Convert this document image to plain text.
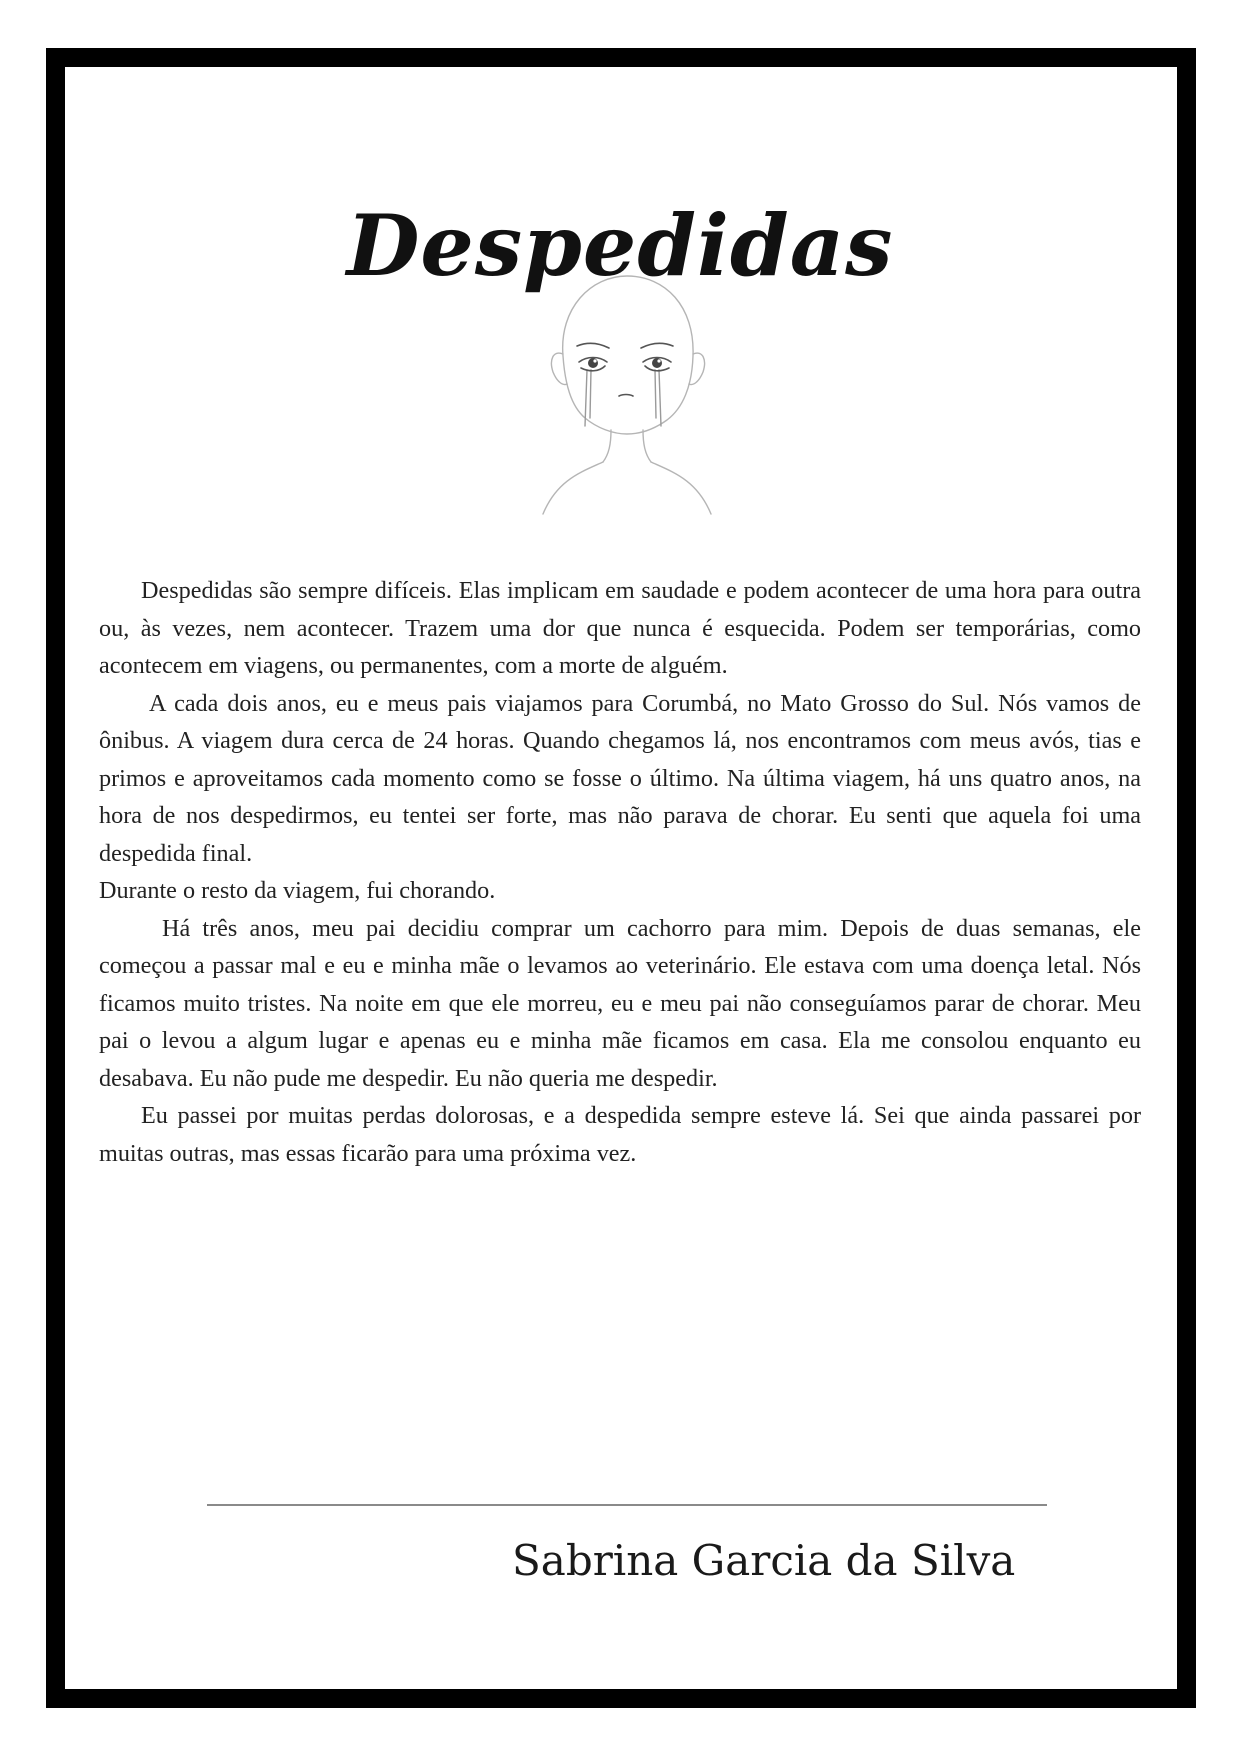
Despedidas

Despedidas são sempre difíceis. Elas implicam em saudade e podem acontecer de uma hora para outra ou, às vezes, nem acontecer. Trazem uma dor que nunca é esquecida. Podem ser temporárias, como acontecem em viagens, ou permanentes, com a morte de alguém.

A cada dois anos, eu e meus pais viajamos para Corumbá, no Mato Grosso do Sul. Nós vamos de ônibus. A viagem dura cerca de 24 horas. Quando chegamos lá, nos encontramos com meus avós, tias e primos e aproveitamos cada momento como se fosse o último. Na última viagem, há uns quatro anos, na hora de nos despedirmos, eu tentei ser forte, mas não parava de chorar. Eu senti que aquela foi uma despedida final.

Durante o resto da viagem, fui chorando.

Há três anos, meu pai decidiu comprar um cachorro para mim. Depois de duas semanas, ele começou a passar mal e eu e minha mãe o levamos ao veterinário. Ele estava com uma doença letal. Nós ficamos muito tristes. Na noite em que ele morreu, eu e meu pai não conseguíamos parar de chorar. Meu pai o levou a algum lugar e apenas eu e minha mãe ficamos em casa. Ela me consolou enquanto eu desabava. Eu não pude me despedir. Eu não queria me despedir.

Eu passei por muitas perdas dolorosas, e a despedida sempre esteve lá. Sei que ainda passarei por muitas outras, mas essas ficarão para uma próxima vez.

Sabrina Garcia da Silva
